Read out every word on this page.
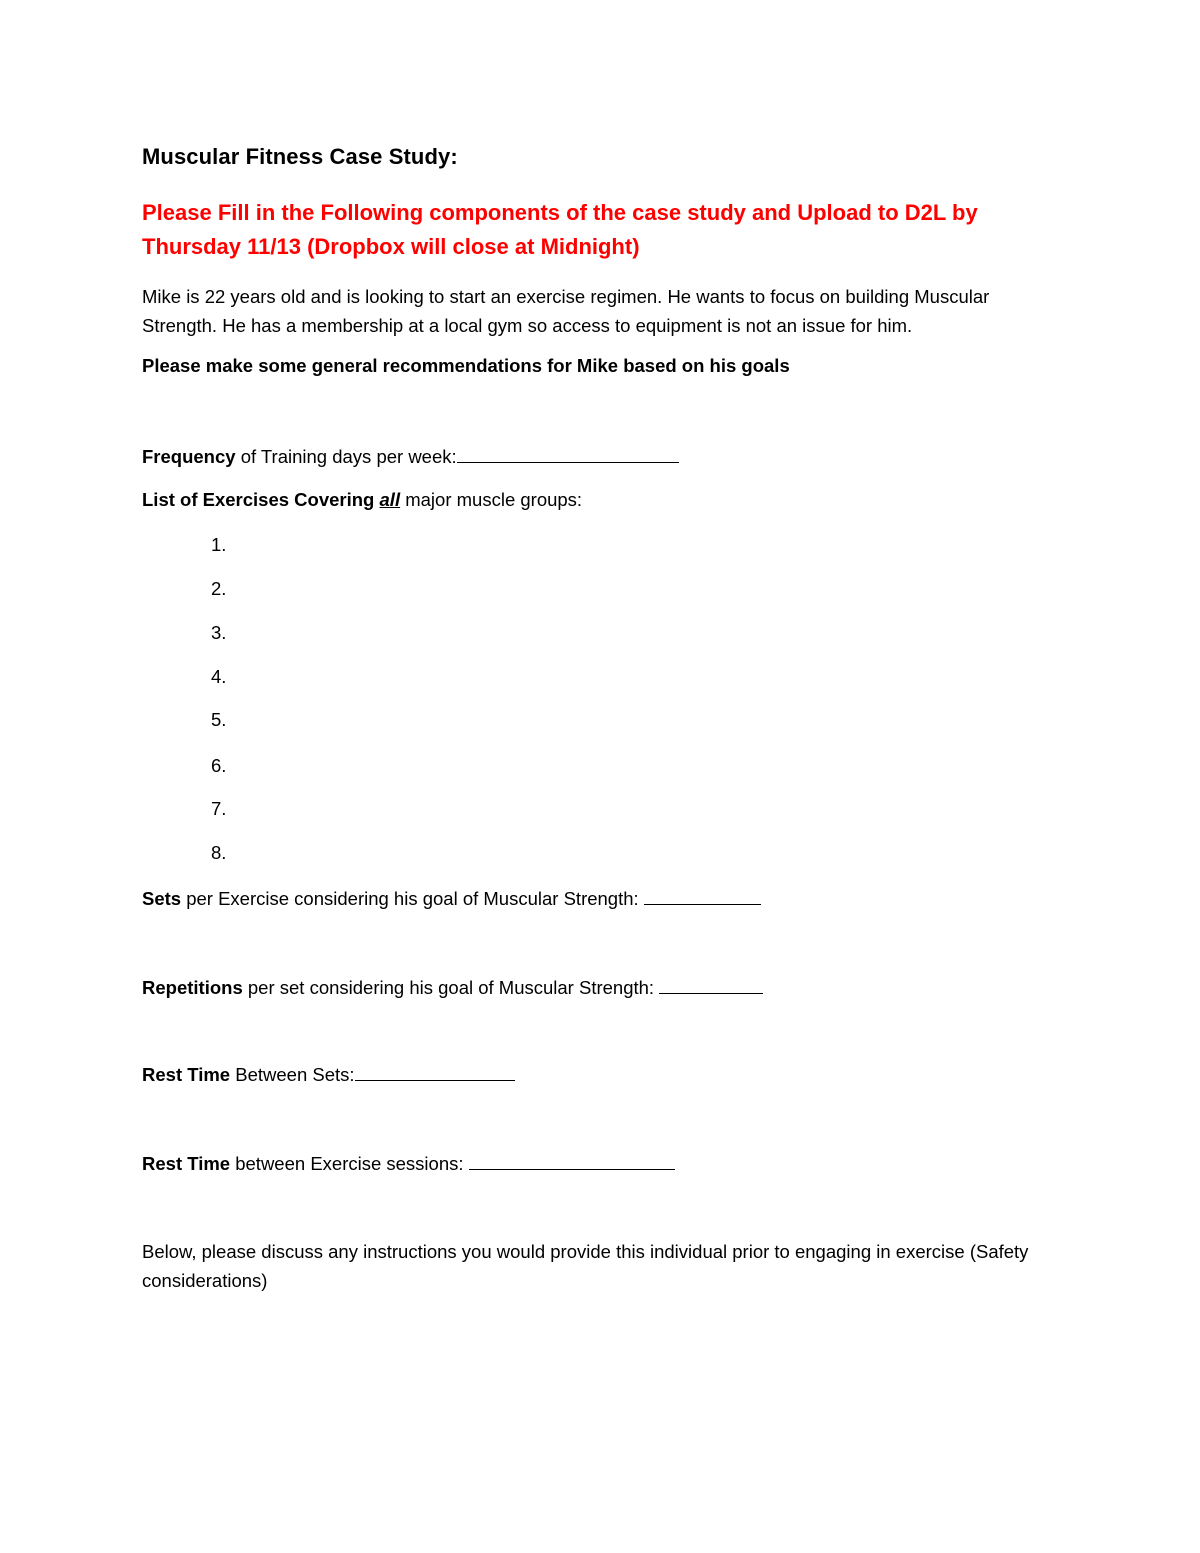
Muscular Fitness Case Study:
Please Fill in the Following components of the case study and Upload to D2L by Thursday 11/13 (Dropbox will close at Midnight)
Mike is 22 years old and is looking to start an exercise regimen. He wants to focus on building Muscular Strength. He has a membership at a local gym so access to equipment is not an issue for him.
Please make some general recommendations for Mike based on his goals
Frequency of Training days per week:
List of Exercises Covering all major muscle groups:
1.
2.
3.
4.
5.
6.
7.
8.
Sets per Exercise considering his goal of Muscular Strength:
Repetitions per set considering his goal of Muscular Strength:
Rest Time Between Sets:
Rest Time between Exercise sessions:
Below, please discuss any instructions you would provide this individual prior to engaging in exercise (Safety considerations)
